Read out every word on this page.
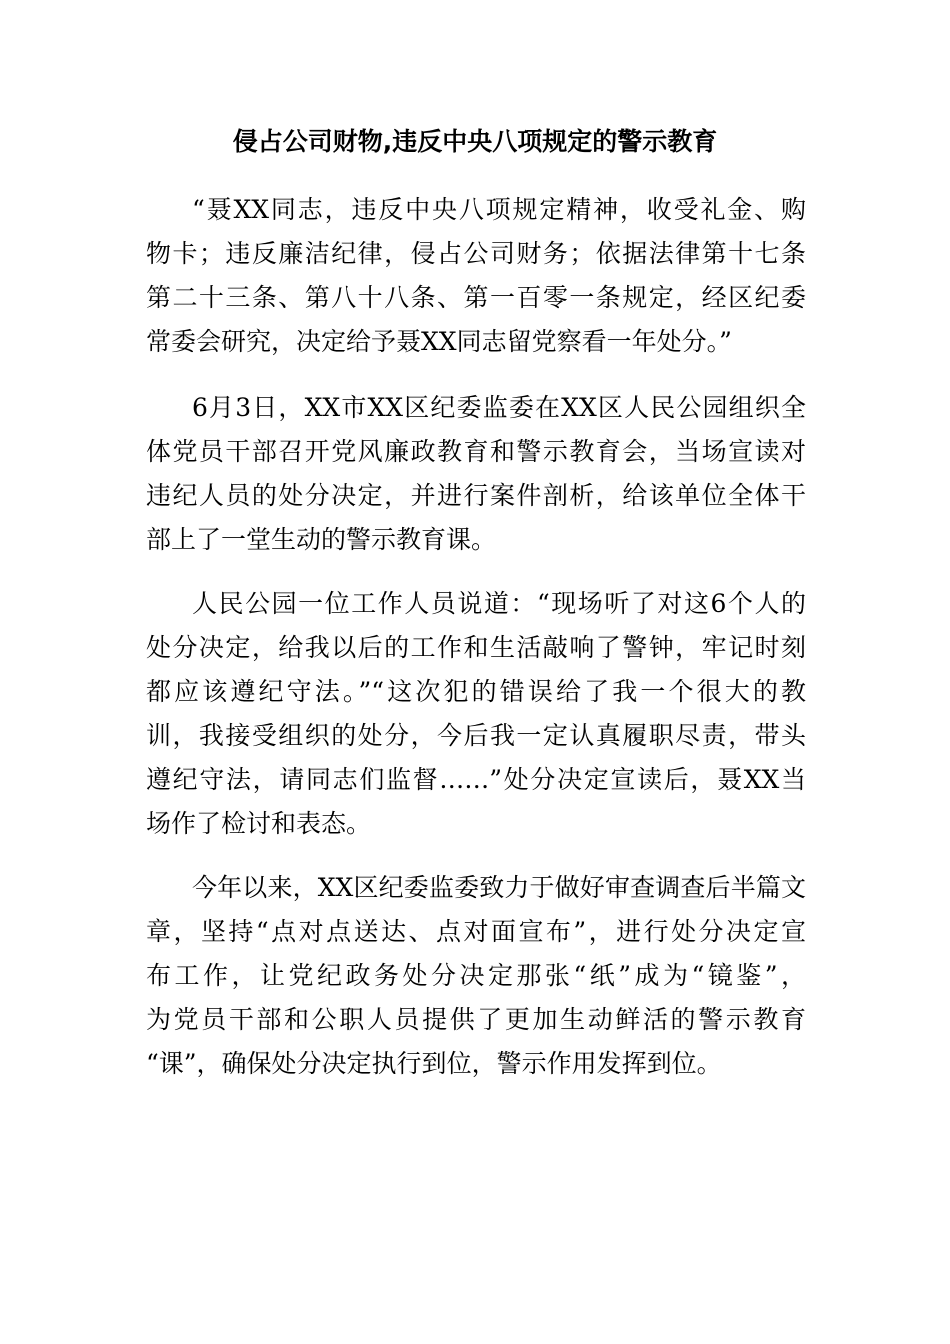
侵占公司财物,违反中央八项规定的警示教育
“聂XX同志，违反中央八项规定精神，收受礼金、购
物卡；违反廉洁纪律，侵占公司财务；依据法律第十七条
第二十三条、第八十八条、第一百零一条规定，经区纪委
常委会研究，决定给予聂XX同志留党察看一年处分。”
6月3日，XX市XX区纪委监委在XX区人民公园组织全
体党员干部召开党风廉政教育和警示教育会，当场宣读对
违纪人员的处分决定，并进行案件剖析，给该单位全体干
部上了一堂生动的警示教育课。
人民公园一位工作人员说道：“现场听了对这6个人的
处分决定，给我以后的工作和生活敲响了警钟，牢记时刻
都应该遵纪守法。”“这次犯的错误给了我一个很大的教
训，我接受组织的处分，今后我一定认真履职尽责，带头
遵纪守法，请同志们监督……”处分决定宣读后，聂XX当
场作了检讨和表态。
今年以来，XX区纪委监委致力于做好审查调查后半篇文
章，坚持“点对点送达、点对面宣布”，进行处分决定宣
布工作，让党纪政务处分决定那张“纸”成为“镜鉴”，
为党员干部和公职人员提供了更加生动鲜活的警示教育
“课”，确保处分决定执行到位，警示作用发挥到位。
